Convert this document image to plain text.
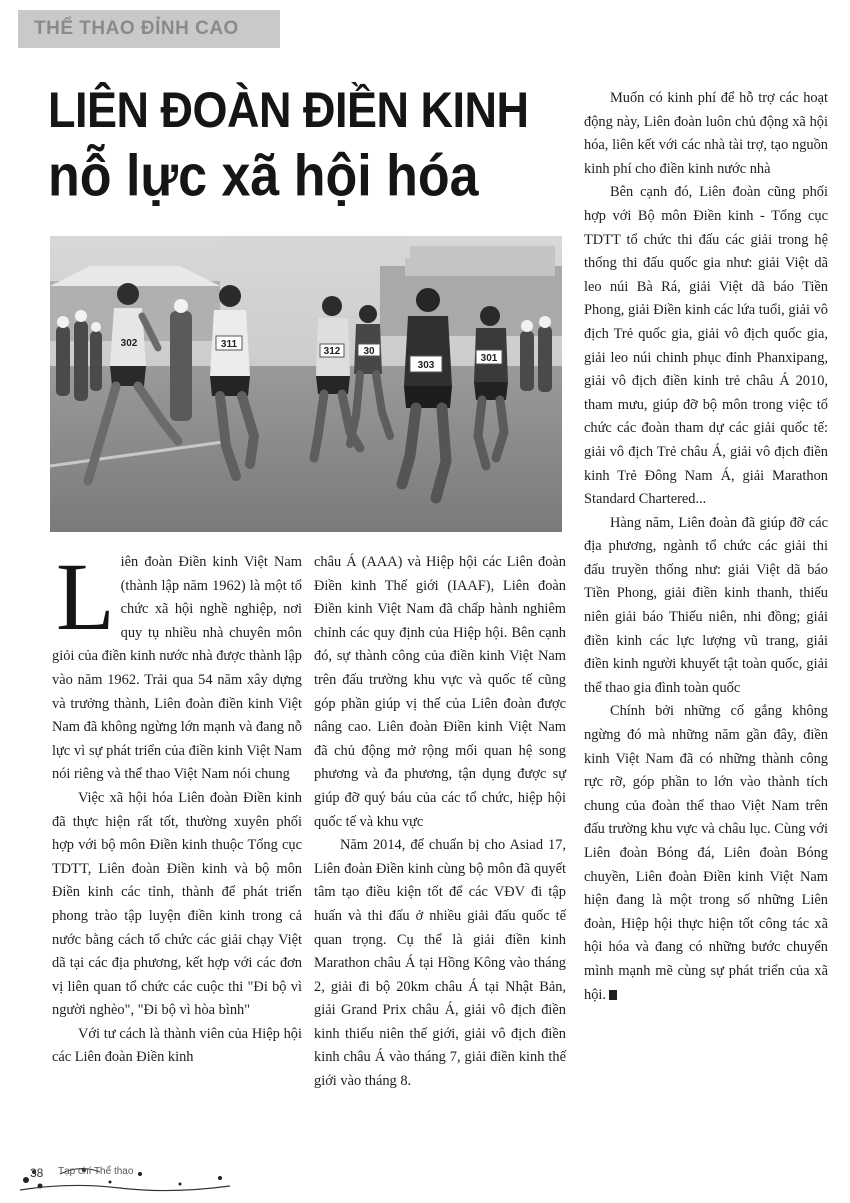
THỂ THAO ĐỈNH CAO
LIÊN ĐOÀN ĐIỀN KINH
nỗ lực xã hội hóa
311
312
303
301
30
302

Liên đoàn Điền kinh Việt Nam (thành lập năm 1962) là một tổ chức xã hội nghề nghiệp, nơi quy tụ nhiều nhà chuyên môn giỏi của điền kinh nước nhà được thành lập vào năm 1962. Trải qua 54 năm xây dựng và trưởng thành, Liên đoàn điền kinh Việt Nam đã không ngừng lớn mạnh và đang nỗ lực vì sự phát triển của điền kinh Việt Nam nói riêng và thể thao Việt Nam nói chung

Việc xã hội hóa Liên đoàn Điền kinh đã thực hiện rất tốt, thường xuyên phối hợp với bộ môn Điền kinh thuộc Tổng cục TDTT, Liên đoàn Điền kinh và bộ môn Điền kinh các tỉnh, thành để phát triển phong trào tập luyện điền kinh trong cả nước bằng cách tổ chức các giải chạy Việt dã tại các địa phương, kết hợp với các đơn vị liên quan tổ chức các cuộc thi "Đi bộ vì người nghèo", "Đi bộ vì hòa bình"

Với tư cách là thành viên của Hiệp hội các Liên đoàn Điền kinh

châu Á (AAA) và Hiệp hội các Liên đoàn Điền kinh Thế giới (IAAF), Liên đoàn Điền kinh Việt Nam đã chấp hành nghiêm chỉnh các quy định của Hiệp hội. Bên cạnh đó, sự thành công của điền kinh Việt Nam trên đấu trường khu vực và quốc tế cũng góp phần giúp vị thế của Liên đoàn được nâng cao. Liên đoàn Điền kinh Việt Nam đã chủ động mở rộng mối quan hệ song phương và đa phương, tận dụng được sự giúp đỡ quý báu của các tổ chức, hiệp hội quốc tế và khu vực

Năm 2014, để chuẩn bị cho Asiad 17, Liên đoàn Điền kinh cùng bộ môn đã quyết tâm tạo điều kiện tốt để các VĐV đi tập huấn và thi đấu ở nhiều giải đấu quốc tế quan trọng. Cụ thể là giải điền kinh Marathon châu Á tại Hồng Kông vào tháng 2, giải đi bộ 20km châu Á tại Nhật Bản, giải Grand Prix châu Á, giải vô địch điền kinh thiếu niên thế giới, giải vô địch điền kinh châu Á vào tháng 7, giải điền kinh thế giới vào tháng 8.

Muốn có kinh phí để hỗ trợ các hoạt động này, Liên đoàn luôn chủ động xã hội hóa, liên kết với các nhà tài trợ, tạo nguồn kinh phí cho điền kinh nước nhà

Bên cạnh đó, Liên đoàn cũng phối hợp với Bộ môn Điền kinh - Tổng cục TDTT tổ chức thi đấu các giải trong hệ thống thi đấu quốc gia như: giải Việt dã leo núi Bà Rá, giải Việt dã báo Tiền Phong, giải Điền kinh các lứa tuổi, giải vô địch Trẻ quốc gia, giải vô địch quốc gia, giải leo núi chinh phục đỉnh Phanxipang, giải vô địch điền kinh trẻ châu Á 2010, tham mưu, giúp đỡ bộ môn trong việc tổ chức các đoàn tham dự các giải quốc tế: giải vô địch Trẻ châu Á, giải vô địch điền kinh Trẻ Đông Nam Á, giải Marathon Standard Chartered...

Hàng năm, Liên đoàn đã giúp đỡ các địa phương, ngành tổ chức các giải thi đấu truyền thống như: giải Việt dã báo Tiền Phong, giải điền kinh thanh, thiếu niên giải báo Thiếu niên, nhi đồng; giải điền kinh các lực lượng vũ trang, giải điền kinh người khuyết tật toàn quốc, giải thể thao gia đình toàn quốc

Chính bởi những cố gắng không ngừng đó mà những năm gần đây, điền kinh Việt Nam đã có những thành công rực rỡ, góp phần to lớn vào thành tích chung của đoàn thể thao Việt Nam trên đấu trường khu vực và châu lục. Cùng với Liên đoàn Bóng đá, Liên đoàn Bóng chuyền, Liên đoàn Điền kinh Việt Nam hiện đang là một trong số những Liên đoàn, Hiệp hội thực hiện tốt công tác xã hội hóa và đang có những bước chuyển mình mạnh mẽ cùng sự phát triển của xã hội.

38 Tạp chí Thể thao
